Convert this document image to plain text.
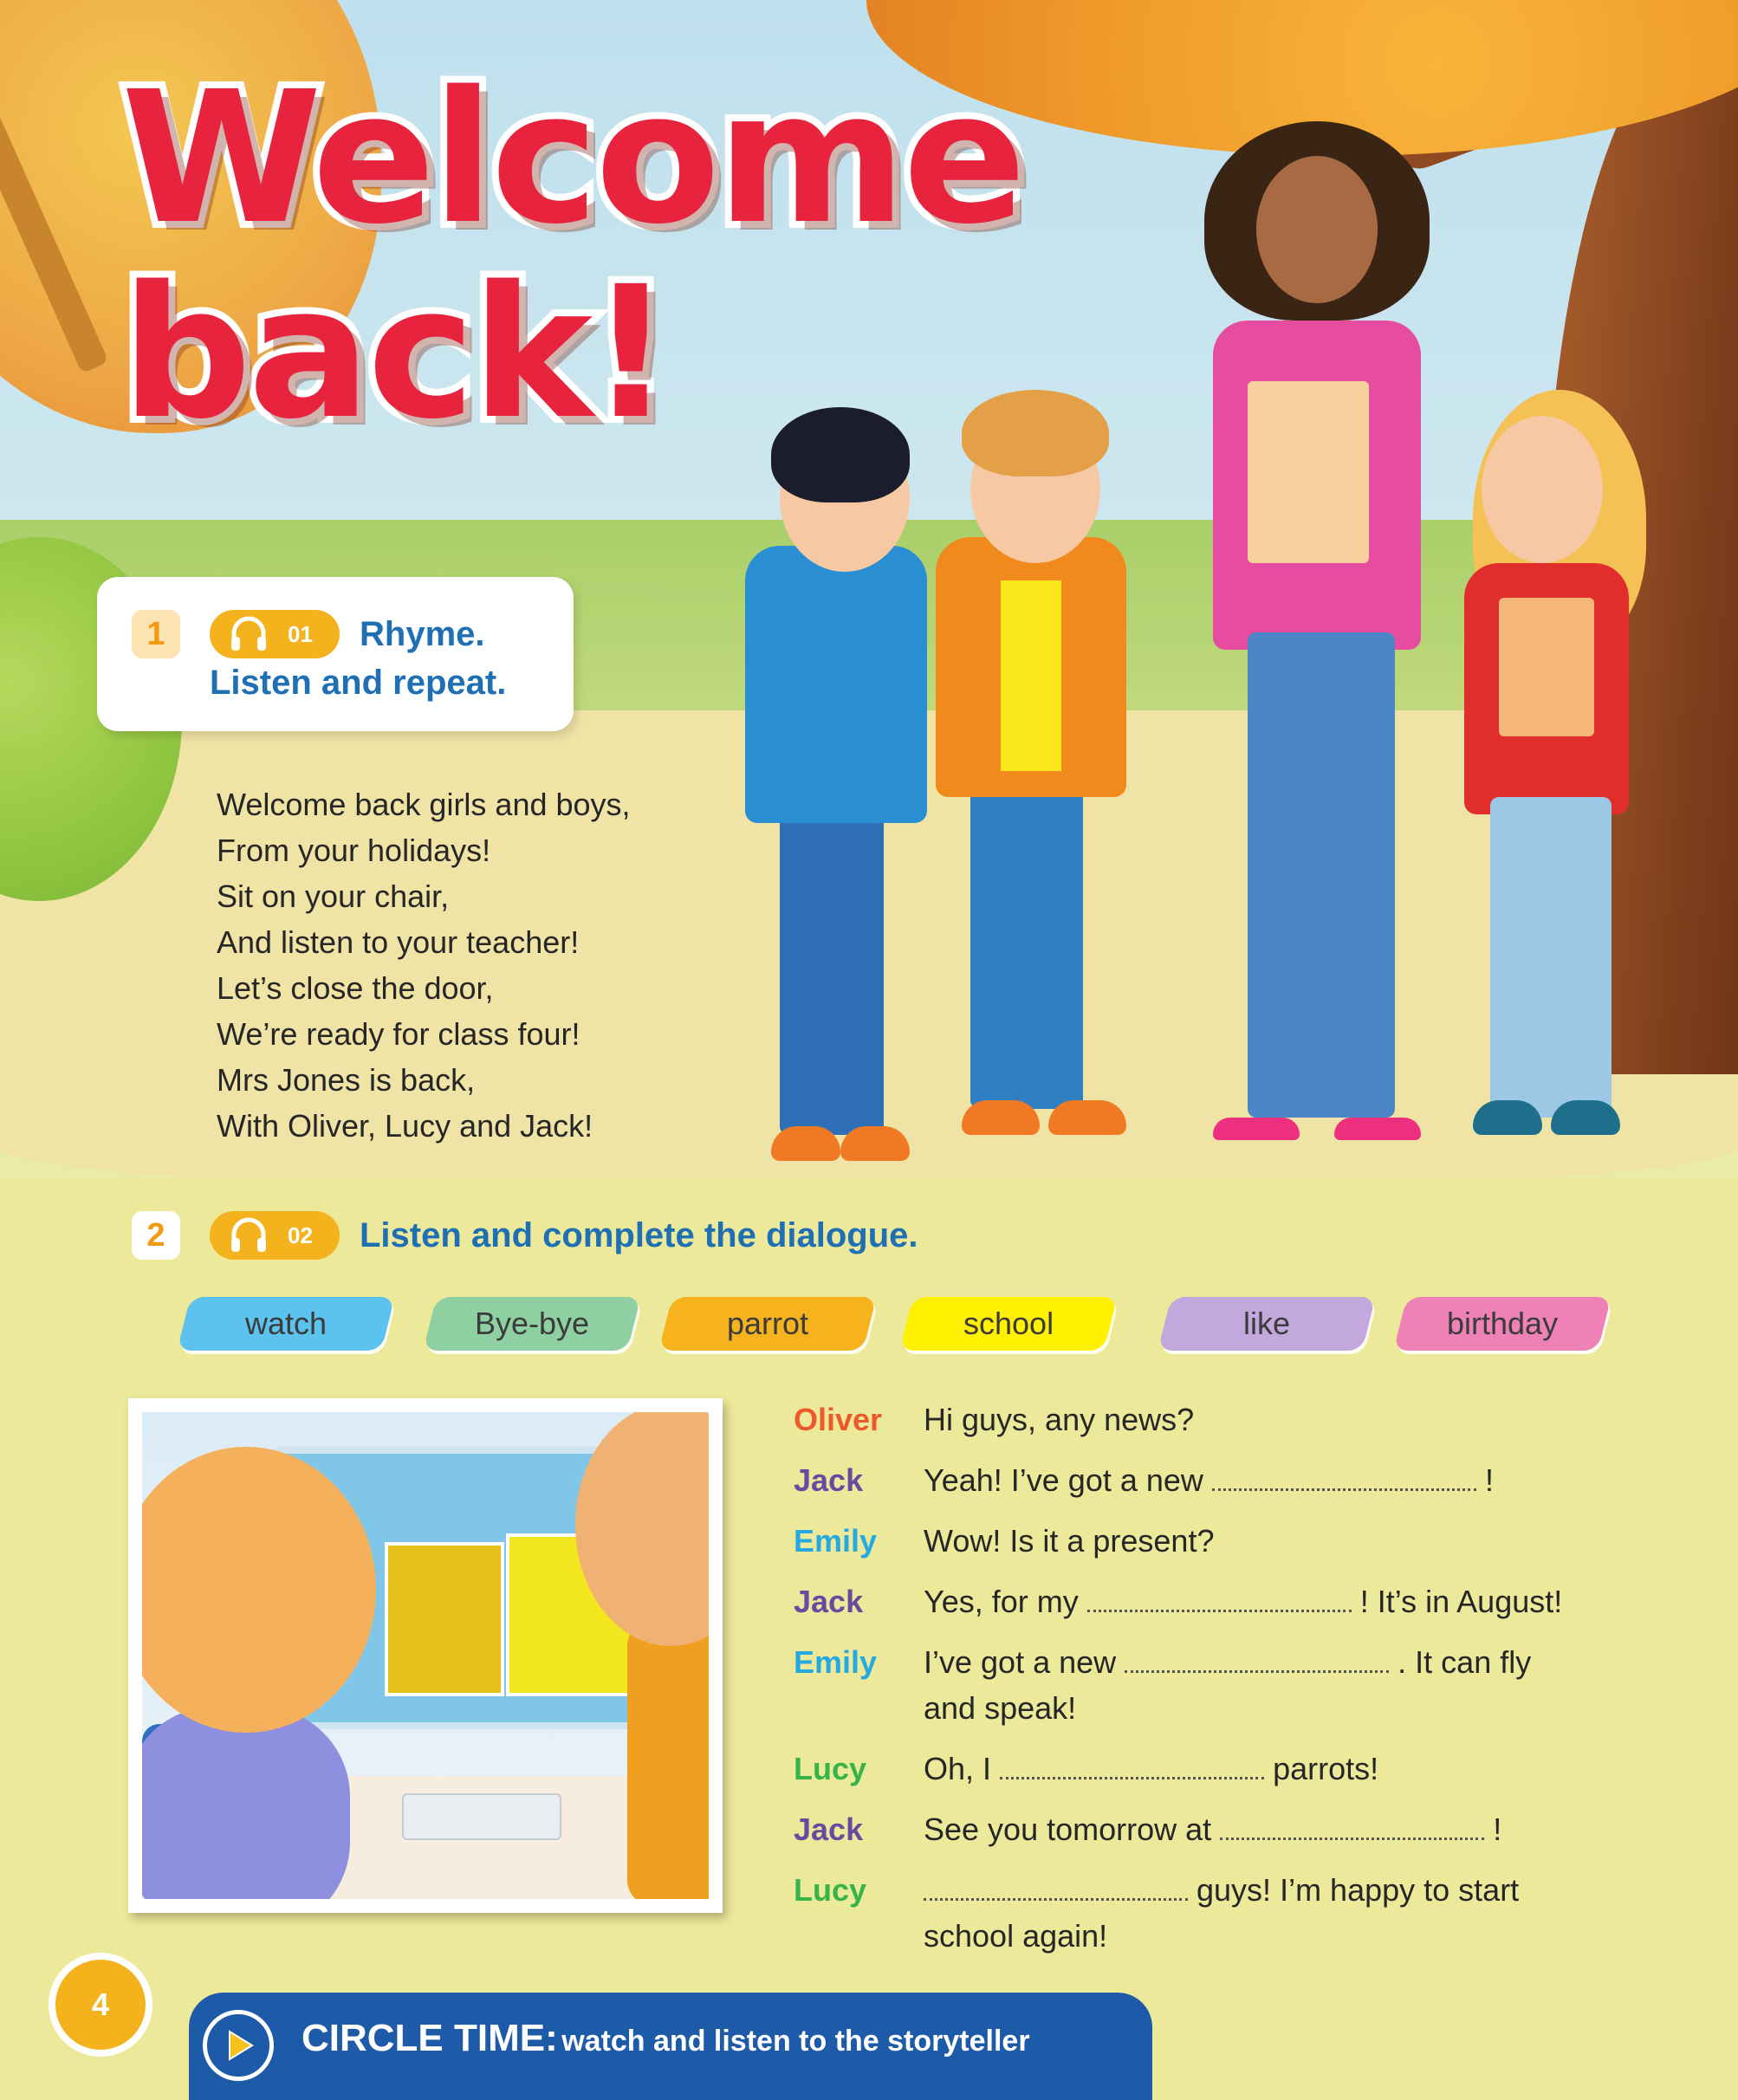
Welcome
back!
1	01 Rhyme.
Listen and repeat.
Welcome back girls and boys,
From your holidays!
Sit on your chair,
And listen to your teacher!
Let’s close the door,
We’re ready for class four!
Mrs Jones is back,
With Oliver, Lucy and Jack!
2	02 Listen and complete the dialogue.
watch	Bye-bye	parrot	school	like	birthday
Oliver Hi guys, any news?
Jack Yeah! I’ve got a new	!
Emily Wow! Is it a present?
Jack Yes, for my	! It’s in August!
Emily I’ve got a new	. It can fly
and speak!
Lucy Oh, I	parrots!
Jack See you tomorrow at	!
Lucy	guys! I’m happy to start
school again!
4
CIRCLE TIME: watch and listen to the storyteller
